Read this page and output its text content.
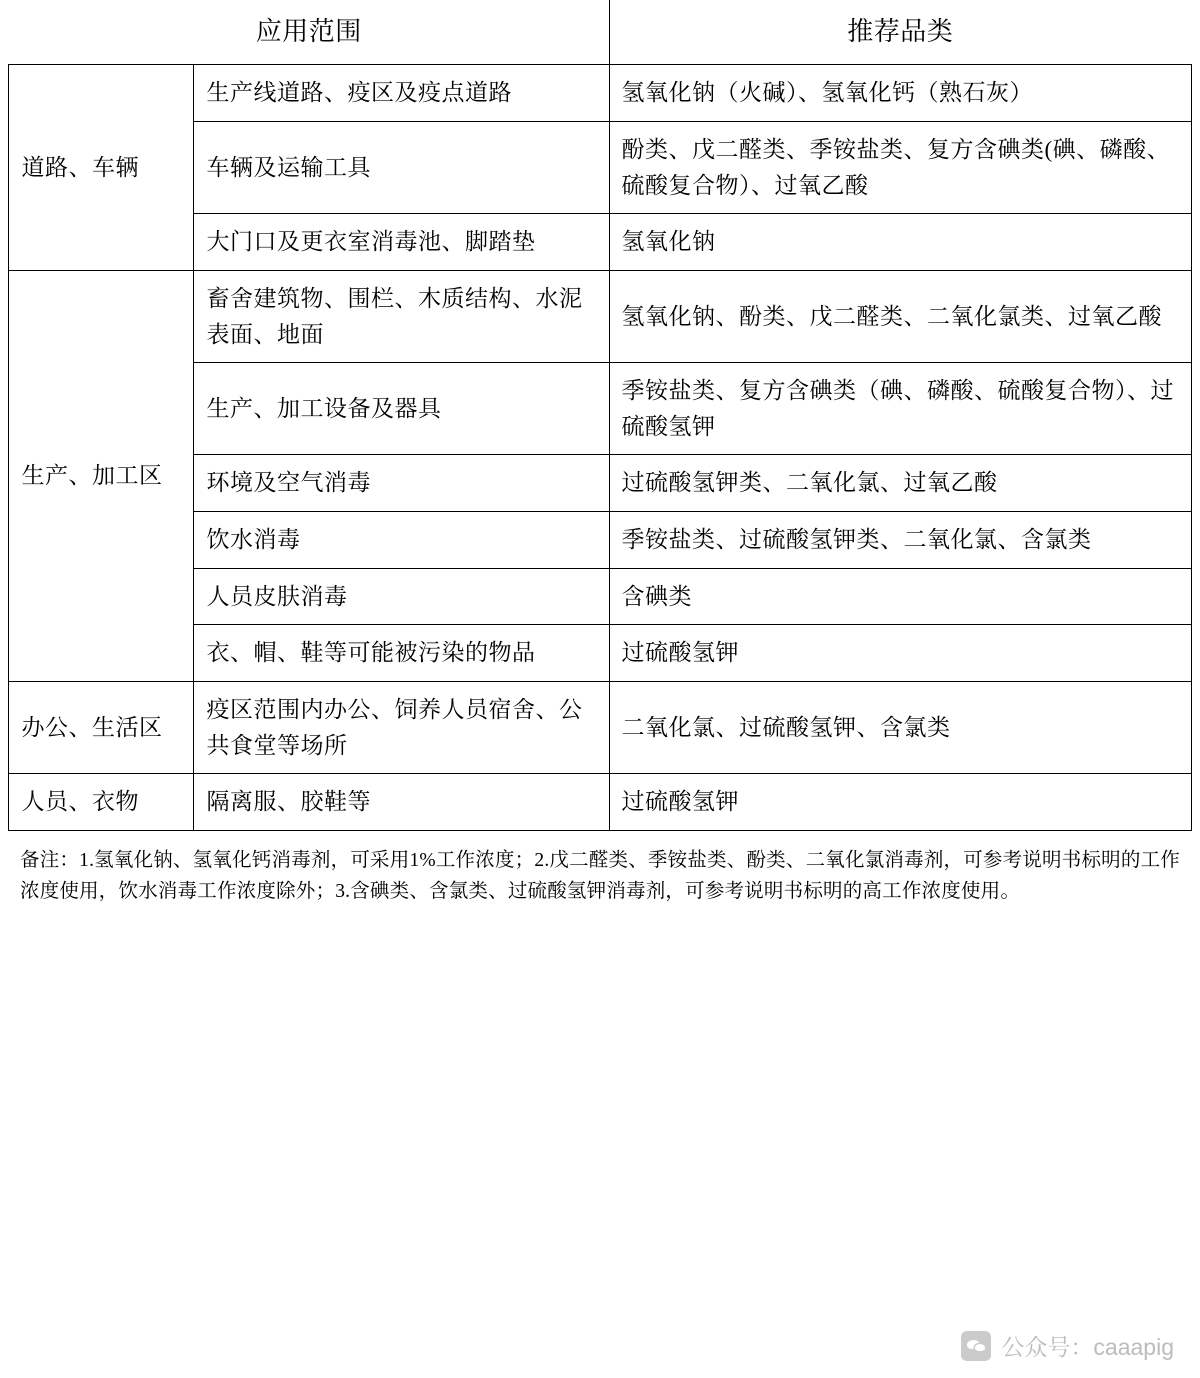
应用范围		推荐品类
道路、车辆	生产线道路、疫区及疫点道路	氢氧化钠（火碱）、氢氧化钙（熟石灰）
	车辆及运输工具	酚类、戊二醛类、季铵盐类、复方含碘类(碘、磷酸、硫酸复合物）、过氧乙酸
	大门口及更衣室消毒池、脚踏垫	氢氧化钠
生产、加工区	畜舍建筑物、围栏、木质结构、水泥表面、地面	氢氧化钠、酚类、戊二醛类、二氧化氯类、过氧乙酸
	生产、加工设备及器具	季铵盐类、复方含碘类（碘、磷酸、硫酸复合物）、过硫酸氢钾
	环境及空气消毒	过硫酸氢钾类、二氧化氯、过氧乙酸
	饮水消毒	季铵盐类、过硫酸氢钾类、二氧化氯、含氯类
	人员皮肤消毒	含碘类
	衣、帽、鞋等可能被污染的物品	过硫酸氢钾
办公、生活区	疫区范围内办公、饲养人员宿舍、公共食堂等场所	二氧化氯、过硫酸氢钾、含氯类
人员、衣物	隔离服、胶鞋等	过硫酸氢钾
备注：1.氢氧化钠、氢氧化钙消毒剂，可采用1%工作浓度；2.戊二醛类、季铵盐类、酚类、二氧化氯消毒剂，可参考说明书标明的工作浓度使用，饮水消毒工作浓度除外；3.含碘类、含氯类、过硫酸氢钾消毒剂，可参考说明书标明的高工作浓度使用。
公众号：caaapig
